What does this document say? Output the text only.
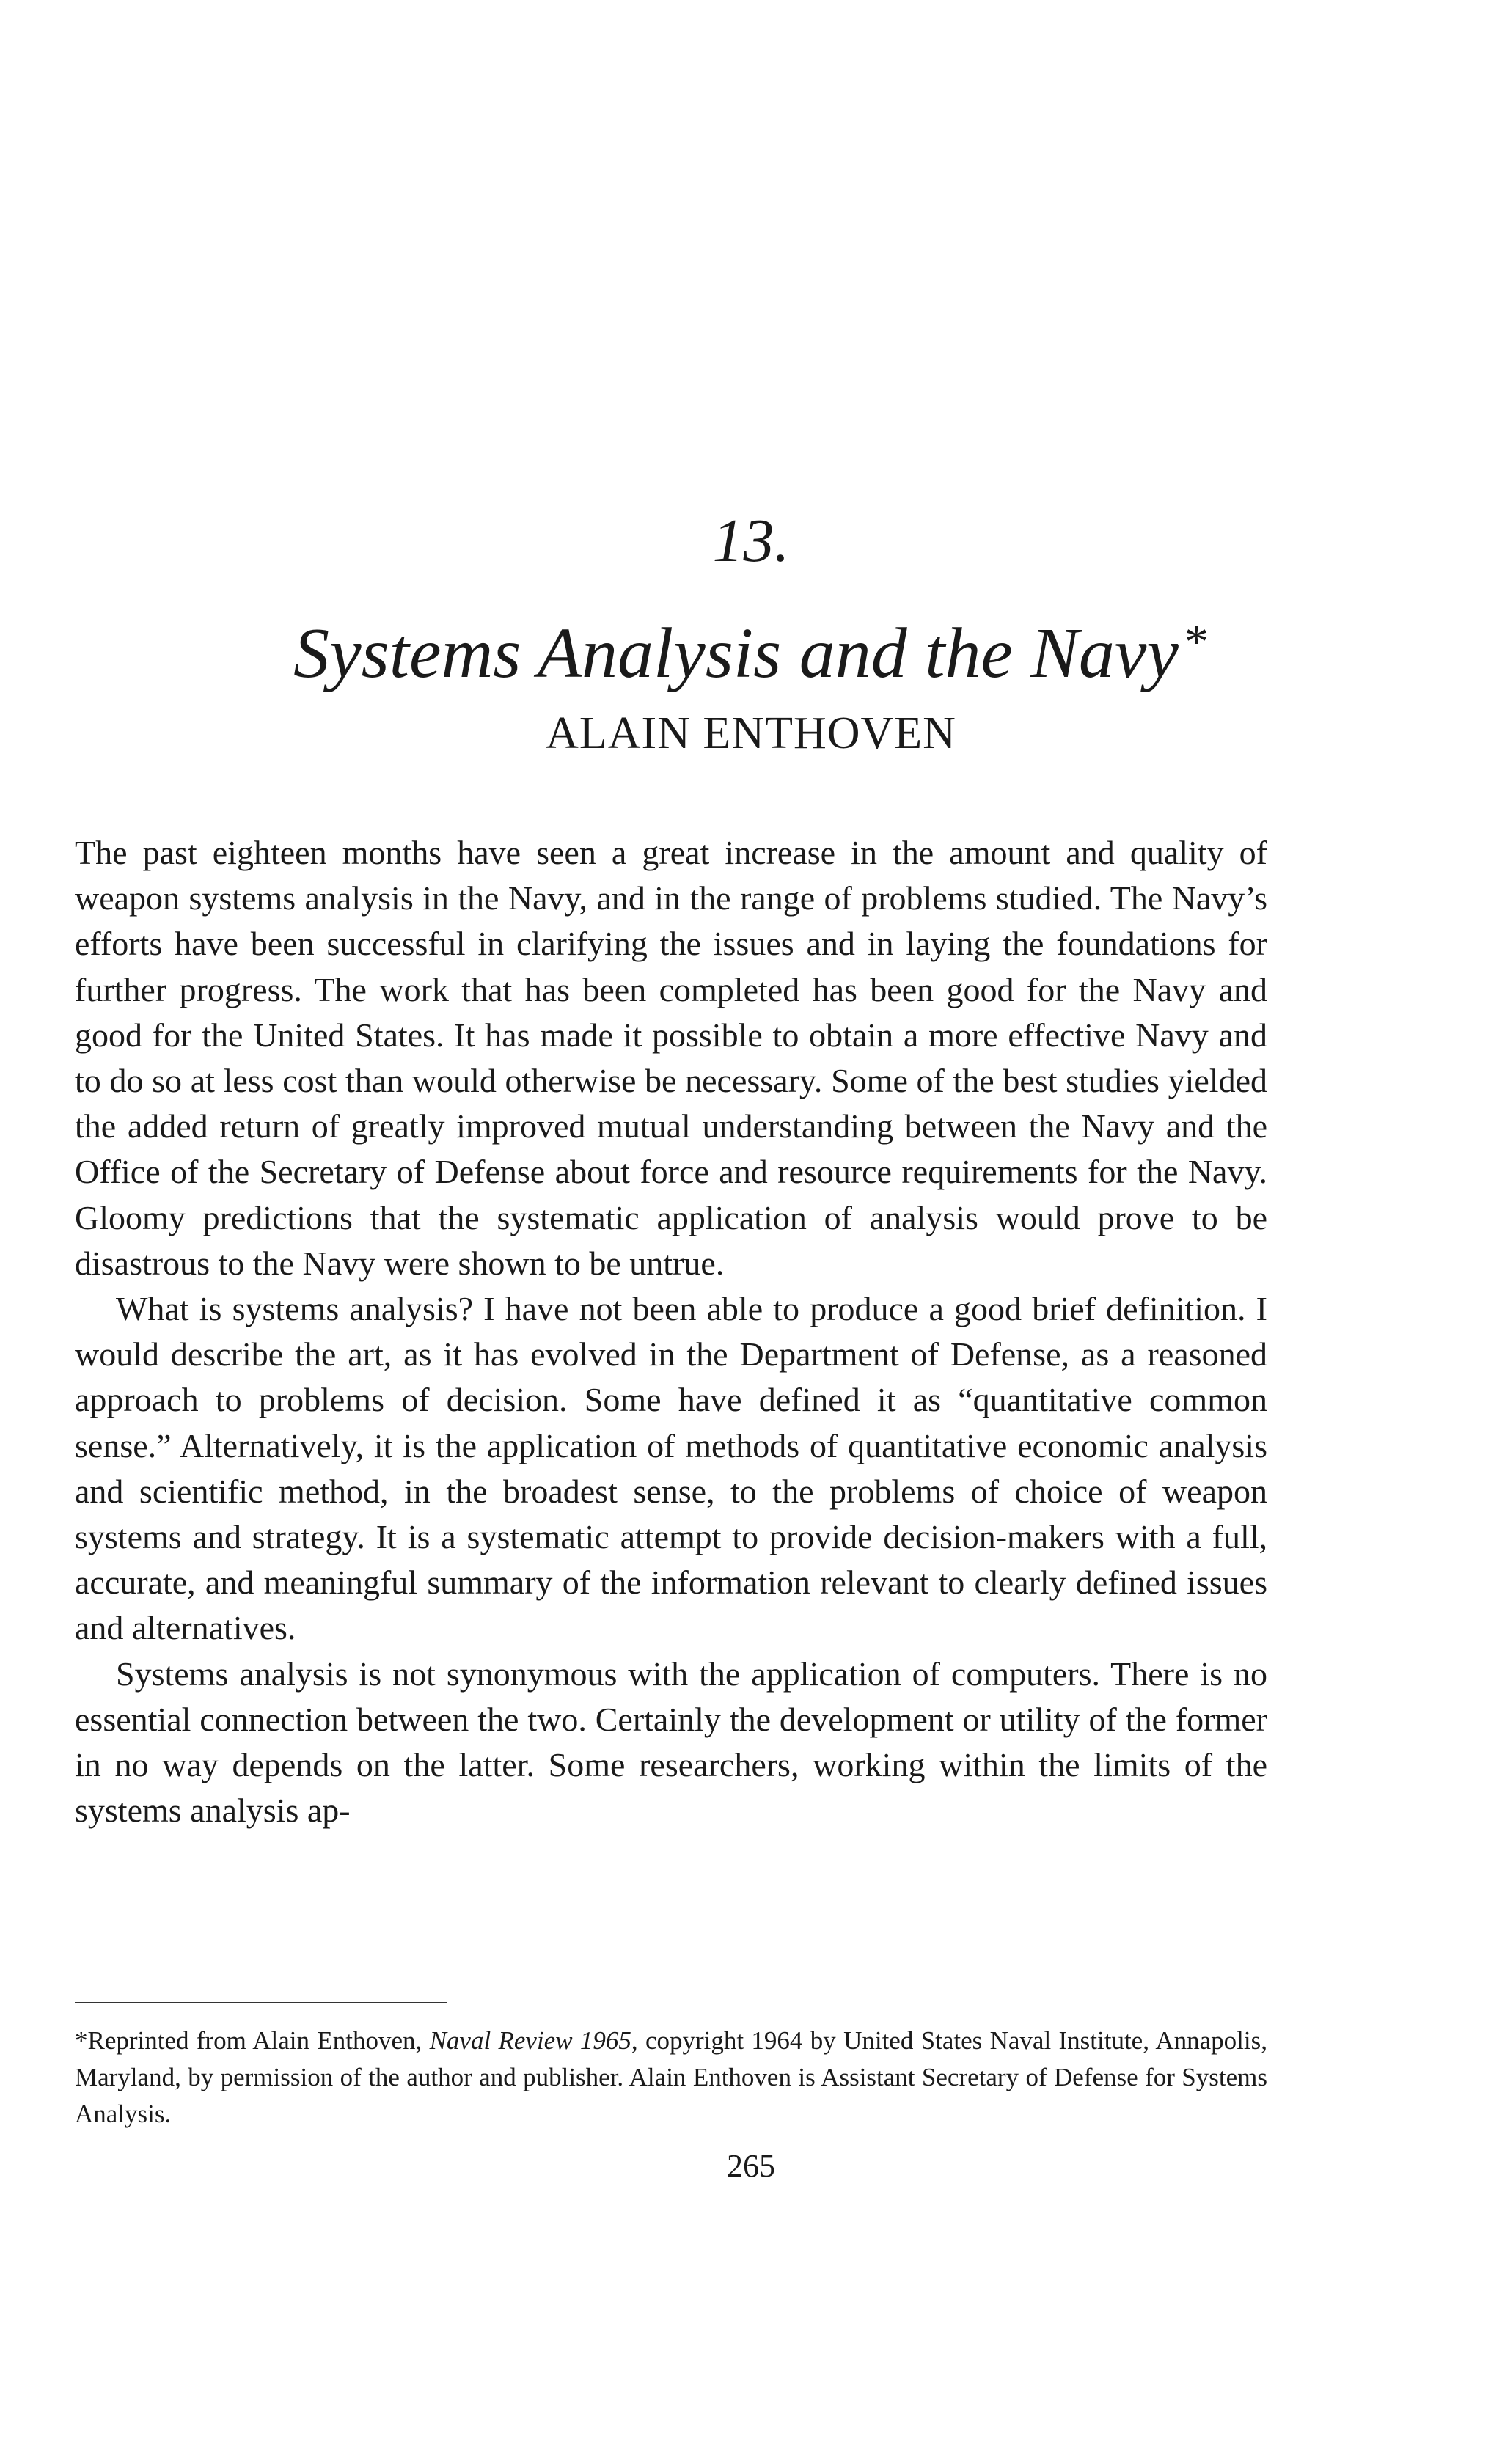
13.
Systems Analysis and the Navy *
ALAIN ENTHOVEN

The past eighteen months have seen a great increase in the amount and quality of weapon systems analysis in the Navy, and in the range of problems studied. The Navy’s efforts have been successful in clarifying the issues and in laying the foundations for further progress. The work that has been completed has been good for the Navy and good for the United States. It has made it possible to obtain a more effective Navy and to do so at less cost than would otherwise be necessary. Some of the best studies yielded the added return of greatly improved mutual understanding between the Navy and the Office of the Secretary of Defense about force and resource requirements for the Navy. Gloomy predictions that the systematic application of analysis would prove to be disastrous to the Navy were shown to be untrue.

What is systems analysis? I have not been able to produce a good brief definition. I would describe the art, as it has evolved in the Department of Defense, as a reasoned approach to problems of decision. Some have defined it as “quantitative common sense.” Alternatively, it is the application of methods of quantitative economic analysis and scientific method, in the broadest sense, to the problems of choice of weapon systems and strategy. It is a systematic attempt to provide decision-makers with a full, accurate, and meaningful summary of the information relevant to clearly defined issues and alternatives.

Systems analysis is not synonymous with the application of computers. There is no essential connection between the two. Certainly the development or utility of the former in no way depends on the latter. Some researchers, working within the limits of the systems analysis ap-

*Reprinted from Alain Enthoven, Naval Review 1965, copyright 1964 by United States Naval Institute, Annapolis, Maryland, by permission of the author and publisher. Alain Enthoven is Assistant Secretary of Defense for Systems Analysis.
265
